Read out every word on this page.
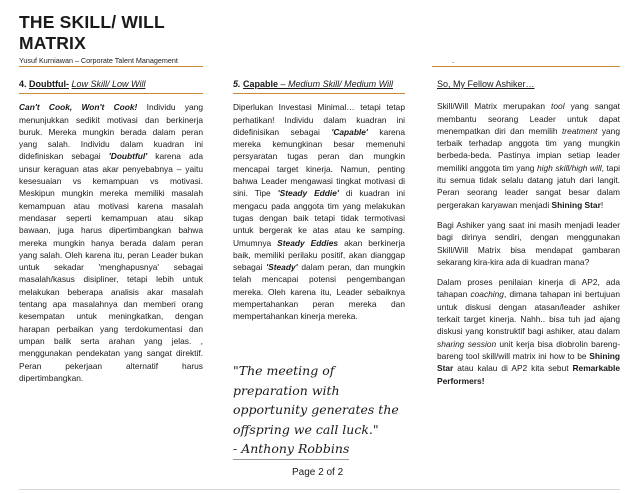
THE SKILL/ WILL MATRIX
Yusuf Kurniawan – Corporate Talent Management	.
4. Doubtful- Low Skill/ Low Will

Can't Cook, Won't Cook! Individu yang menunjukkan sedikit motivasi dan berkinerja buruk. Mereka mungkin berada dalam peran yang salah. Individu dalam kuadran ini didefiniskan sebagai 'Doubtful' karena ada unsur keraguan atas akar penyebabnya – yaitu kesesuaian vs kemampuan vs motivasi. Meskipun mungkin mereka memiliki masalah kemampuan atau motivasi karena masalah mendasar seperti kemampuan atau sikap bawaan, juga harus dipertimbangkan bahwa mereka mungkin hanya berada dalam peran yang salah. Oleh karena itu, peran Leader bukan untuk sekadar 'menghapusnya' sebagai masalah/kasus disipliner, tetapi lebih untuk melakukan beberapa analisis akar masalah tentang apa masalahnya dan memberi orang kesempatan untuk meningkatkan, dengan harapan perbaikan yang terdokumentasi dan umpan balik serta arahan yang jelas. , menggunakan pendekatan yang sangat direktif. Peran pekerjaan alternatif harus dipertimbangkan.

5. Capable – Medium Skill/ Medium Will

Diperlukan Investasi Minimal… tetapi tetap perhatikan! Individu dalam kuadran ini didefinisikan sebagai 'Capable' karena mereka kemungkinan besar memenuhi persyaratan tugas peran dan mungkin mencapai target kinerja. Namun, penting bahwa Leader mengawasi tingkat motivasi di sini. Tipe 'Steady Eddie' di kuadran ini mengacu pada anggota tim yang melakukan tugas dengan baik tetapi tidak termotivasi untuk bergerak ke atas atau ke samping. Umumnya Steady Eddies akan berkinerja baik, memiliki perilaku positif, akan dianggap sebagai 'Steady' dalam peran, dan mungkin telah mencapai potensi pengembangan mereka. Oleh karena itu, Leader sebaiknya mempertahankan peran mereka dan mempertahankan kinerja mereka.

"The meeting of preparation with opportunity generates the offspring we call luck."
- Anthony Robbins
So, My Fellow Ashiker…

Skill/Will Matrix merupakan tool yang sangat membantu seorang Leader untuk dapat menempatkan diri dan memilih treatment yang terbaik terhadap anggota tim yang mungkin berbeda-beda. Pastinya impian setiap leader memiliki anggota tim yang high skill/high will, tapi itu semua tidak selalu datang jatuh dari langit. Peran seorang leader sangat besar dalam pergerakan karyawan menjadi Shining Star!

Bagi Ashiker yang saat ini masih menjadi leader bagi dirinya sendiri, dengan menggunakan Skill/Will Matrix bisa mendapat gambaran sekarang kira-kira ada di kuadran mana?

Dalam proses penilaian kinerja di AP2, ada tahapan coaching, dimana tahapan ini bertujuan untuk diskusi dengan atasan/leader ashiker terkait target kinerja. Nahh.. bisa tuh jad ajang diskusi yang konstruktif bagi ashiker, atau dalam sharing session unit kerja bisa diobrolin bareng-bareng tool skill/will matrix ini how to be Shining Star atau kalau di AP2 kita sebut Remarkable Performers!

Page 2 of 2
